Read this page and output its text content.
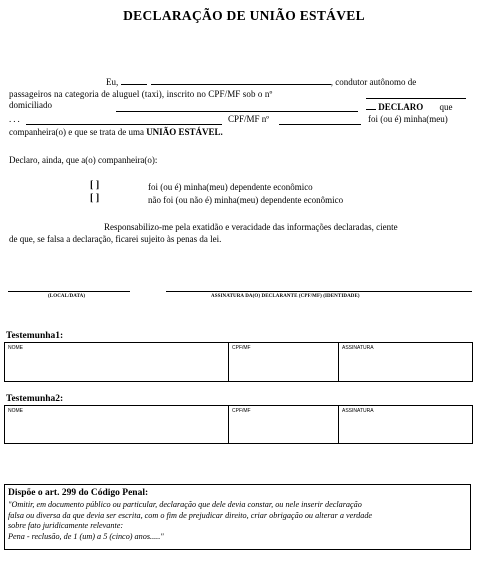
DECLARAÇÃO DE UNIÃO ESTÁVEL
Eu,	, condutor autônomo de
passageiros na categoria de aluguel (taxi), inscrito no CPF/MF sob o nº
domiciliado	DECLARO que
...	CPF/MF nº	foi (ou é) minha(meu)
companheira(o) e que se trata de uma UNIÃO ESTÁVEL.
Declaro, ainda, que a(o) companheira(o):
[ ]	foi (ou é) minha(meu) dependente econômico
[ ]	não foi (ou não é) minha(meu) dependente econômico
Responsabilizo-me pela exatidão e veracidade das informações declaradas, ciente
de que, se falsa a declaração, ficarei sujeito às penas da lei.
(LOCAL/DATA)	ASSINATURA DA(O) DECLARANTE (CPF/MF) (IDENTIDADE)
Testemunha1:
NOME	CPF/MF	ASSINATURA
Testemunha2:
NOME	CPF/MF	ASSINATURA
Dispõe o art. 299 do Código Penal:
"Omitir, em documento público ou particular, declaração que dele devia constar, ou nele inserir declaração
falsa ou diversa da que devia ser escrita, com o fim de prejudicar direito, criar obrigação ou alterar a verdade
sobre fato juridicamente relevante:
Pena - reclusão, de 1 (um) a 5 (cinco) anos....."
